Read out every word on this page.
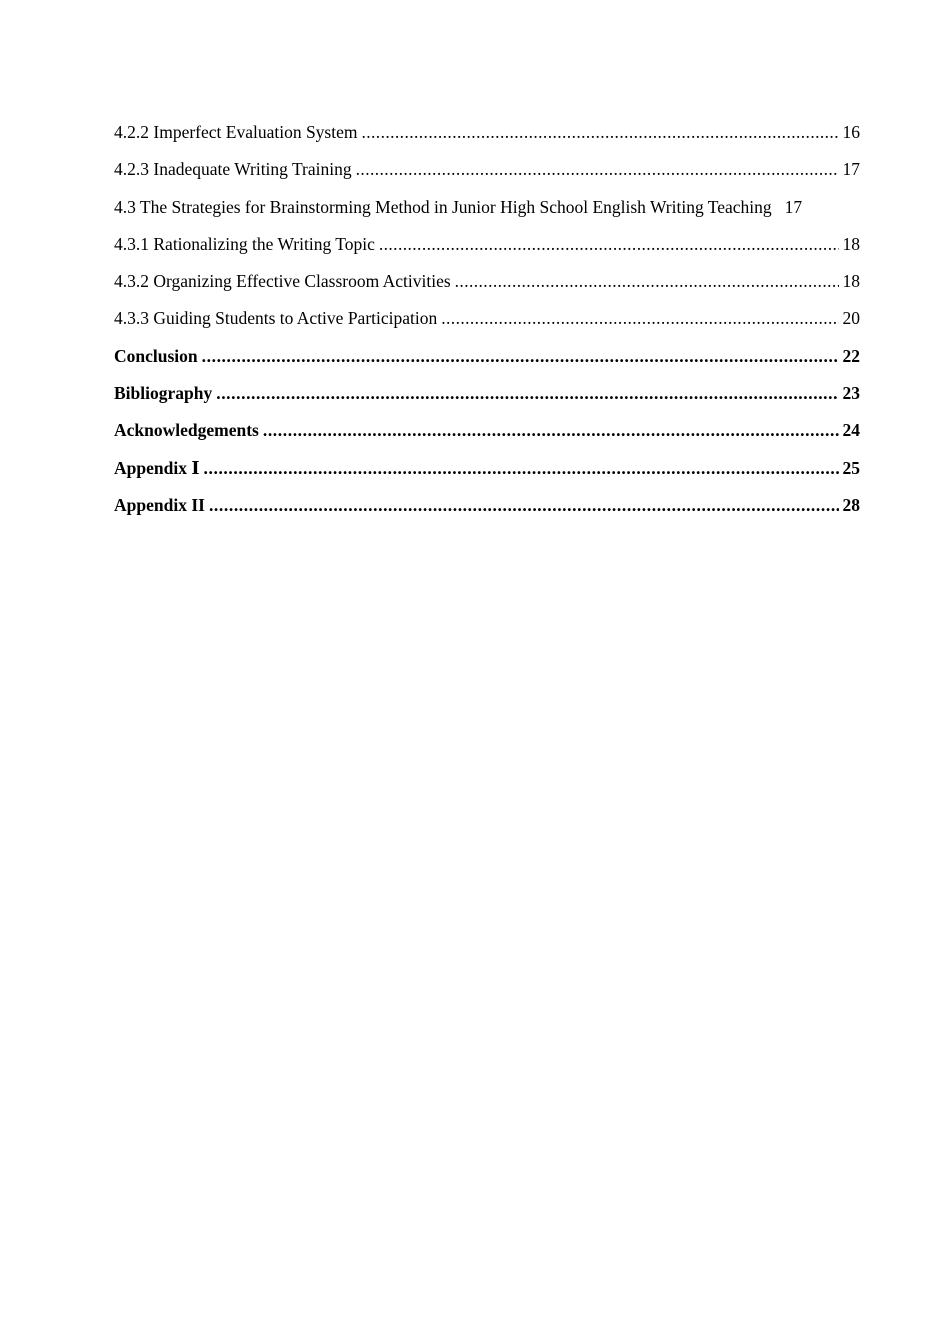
4.2.2 Imperfect Evaluation System .....	16
4.2.3 Inadequate Writing Training .....	17
4.3 The Strategies for Brainstorming Method in Junior High School English Writing Teaching 17
4.3.1 Rationalizing the Writing Topic .....	18
4.3.2 Organizing Effective Classroom Activities .....	18
4.3.3 Guiding Students to Active Participation .....	20
Conclusion .....	22
Bibliography .....	23
Acknowledgements .....	24
Appendix Ⅰ .....	25
Appendix II .....	28
